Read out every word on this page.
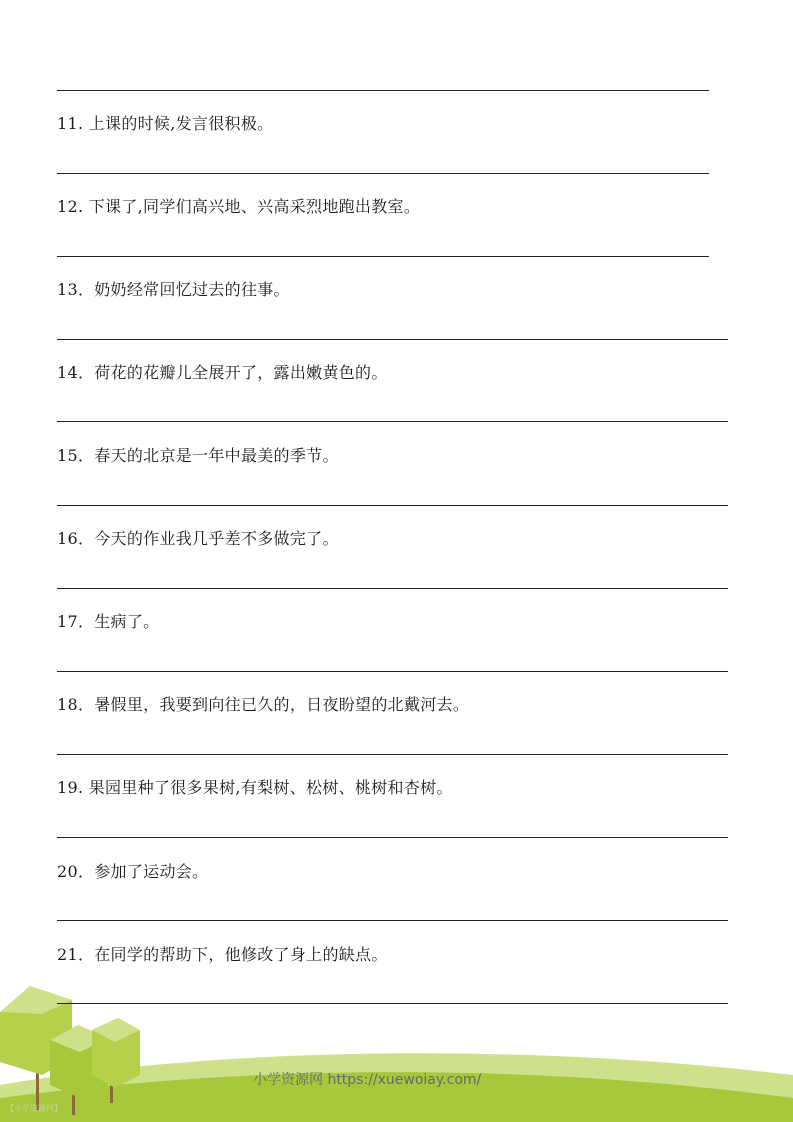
11. 上课的时候,发言很积极。
12. 下课了,同学们高兴地、兴高采烈地跑出教室。
13．奶奶经常回忆过去的往事。
14．荷花的花瓣儿全展开了，露出嫩黄色的。
15．春天的北京是一年中最美的季节。
16．今天的作业我几乎差不多做完了。
17．生病了。
18．暑假里，我要到向往已久的，日夜盼望的北戴河去。
19. 果园里种了很多果树,有梨树、松树、桃树和杏树。
20．参加了运动会。
21．在同学的帮助下，他修改了身上的缺点。
小学资源网 https://xuewoiay.com/
【小学资源网】
